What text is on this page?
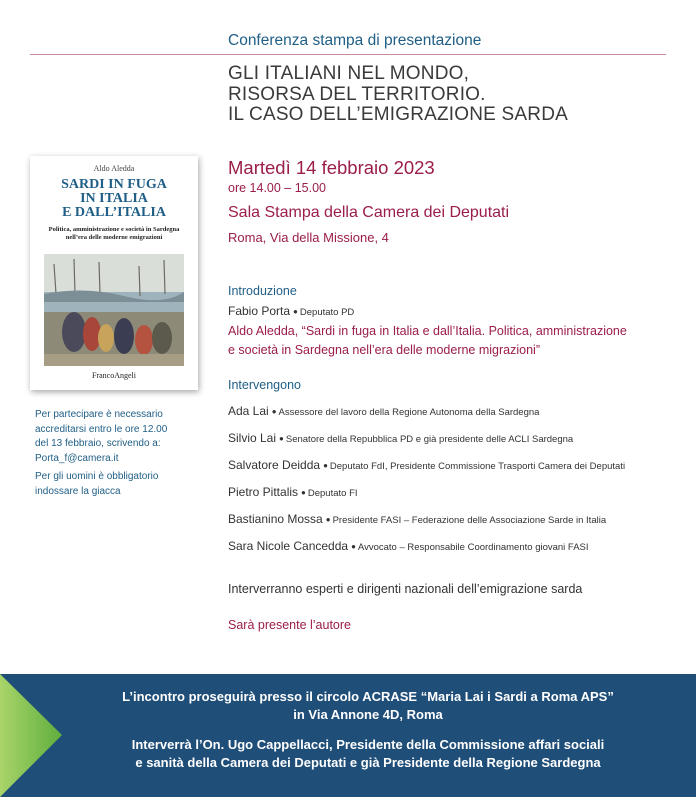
Conferenza stampa di presentazione
GLI ITALIANI NEL MONDO,
RISORSA DEL TERRITORIO.
IL CASO DELL’EMIGRAZIONE SARDA
Aldo Aledda
SARDI IN FUGA
IN ITALIA
E DALL’ITALIA
Politica, amministrazione e società in Sardegna nell’era delle moderne emigrazioni
FrancoAngeli
Per partecipare è necessario
accreditarsi entro le ore 12.00
del 13 febbraio, scrivendo a:
Porta_f@camera.it
Per gli uomini è obbligatorio
indossare la giacca
Martedì 14 febbraio 2023
ore 14.00 – 15.00
Sala Stampa della Camera dei Deputati
Roma, Via della Missione, 4
Introduzione
Fabio Porta ● Deputato PD
Aldo Aledda, “Sardi in fuga in Italia e dall’Italia. Politica, amministrazione
e società in Sardegna nell’era delle moderne migrazioni”
Intervengono
Ada Lai ● Assessore del lavoro della Regione Autonoma della Sardegna
Silvio Lai ● Senatore della Repubblica PD e già presidente delle ACLI Sardegna
Salvatore Deidda ● Deputato FdI, Presidente Commissione Trasporti Camera dei Deputati
Pietro Pittalis ● Deputato FI
Bastianino Mossa ● Presidente FASI – Federazione delle Associazione Sarde in Italia
Sara Nicole Cancedda ● Avvocato – Responsabile Coordinamento giovani FASI
Interverranno esperti e dirigenti nazionali dell’emigrazione sarda
Sarà presente l’autore
L’incontro proseguirà presso il circolo ACRASE “Maria Lai i Sardi a Roma APS”
in Via Annone 4D, Roma
Interverrà l’On. Ugo Cappellacci, Presidente della Commissione affari sociali
e sanità della Camera dei Deputati e già Presidente della Regione Sardegna
